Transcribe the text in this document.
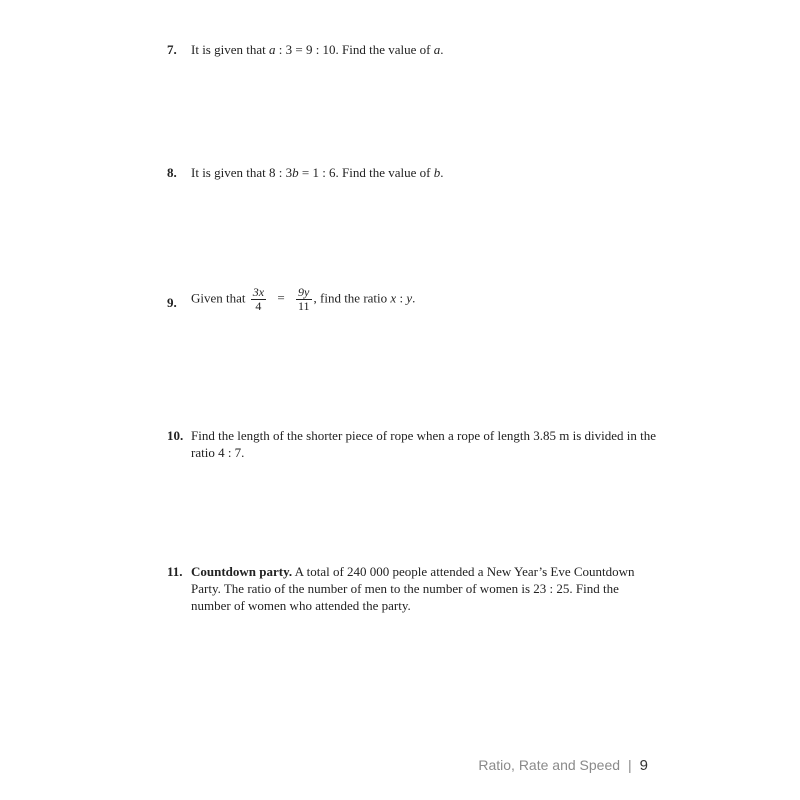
7.	It is given that a : 3 = 9 : 10. Find the value of a.
8.	It is given that 8 : 3b = 1 : 6. Find the value of b.
9.	Given that $\frac{3x}{4} = \frac{9y}{11}$ , find the ratio x : y.
10. Find the length of the shorter piece of rope when a rope of length 3.85 m is divided in the ratio 4 : 7.
11. Countdown party. A total of 240 000 people attended a New Year’s Eve Countdown Party. The ratio of the number of men to the number of women is 23 : 25. Find the number of women who attended the party.
Ratio, Rate and Speed | 9
